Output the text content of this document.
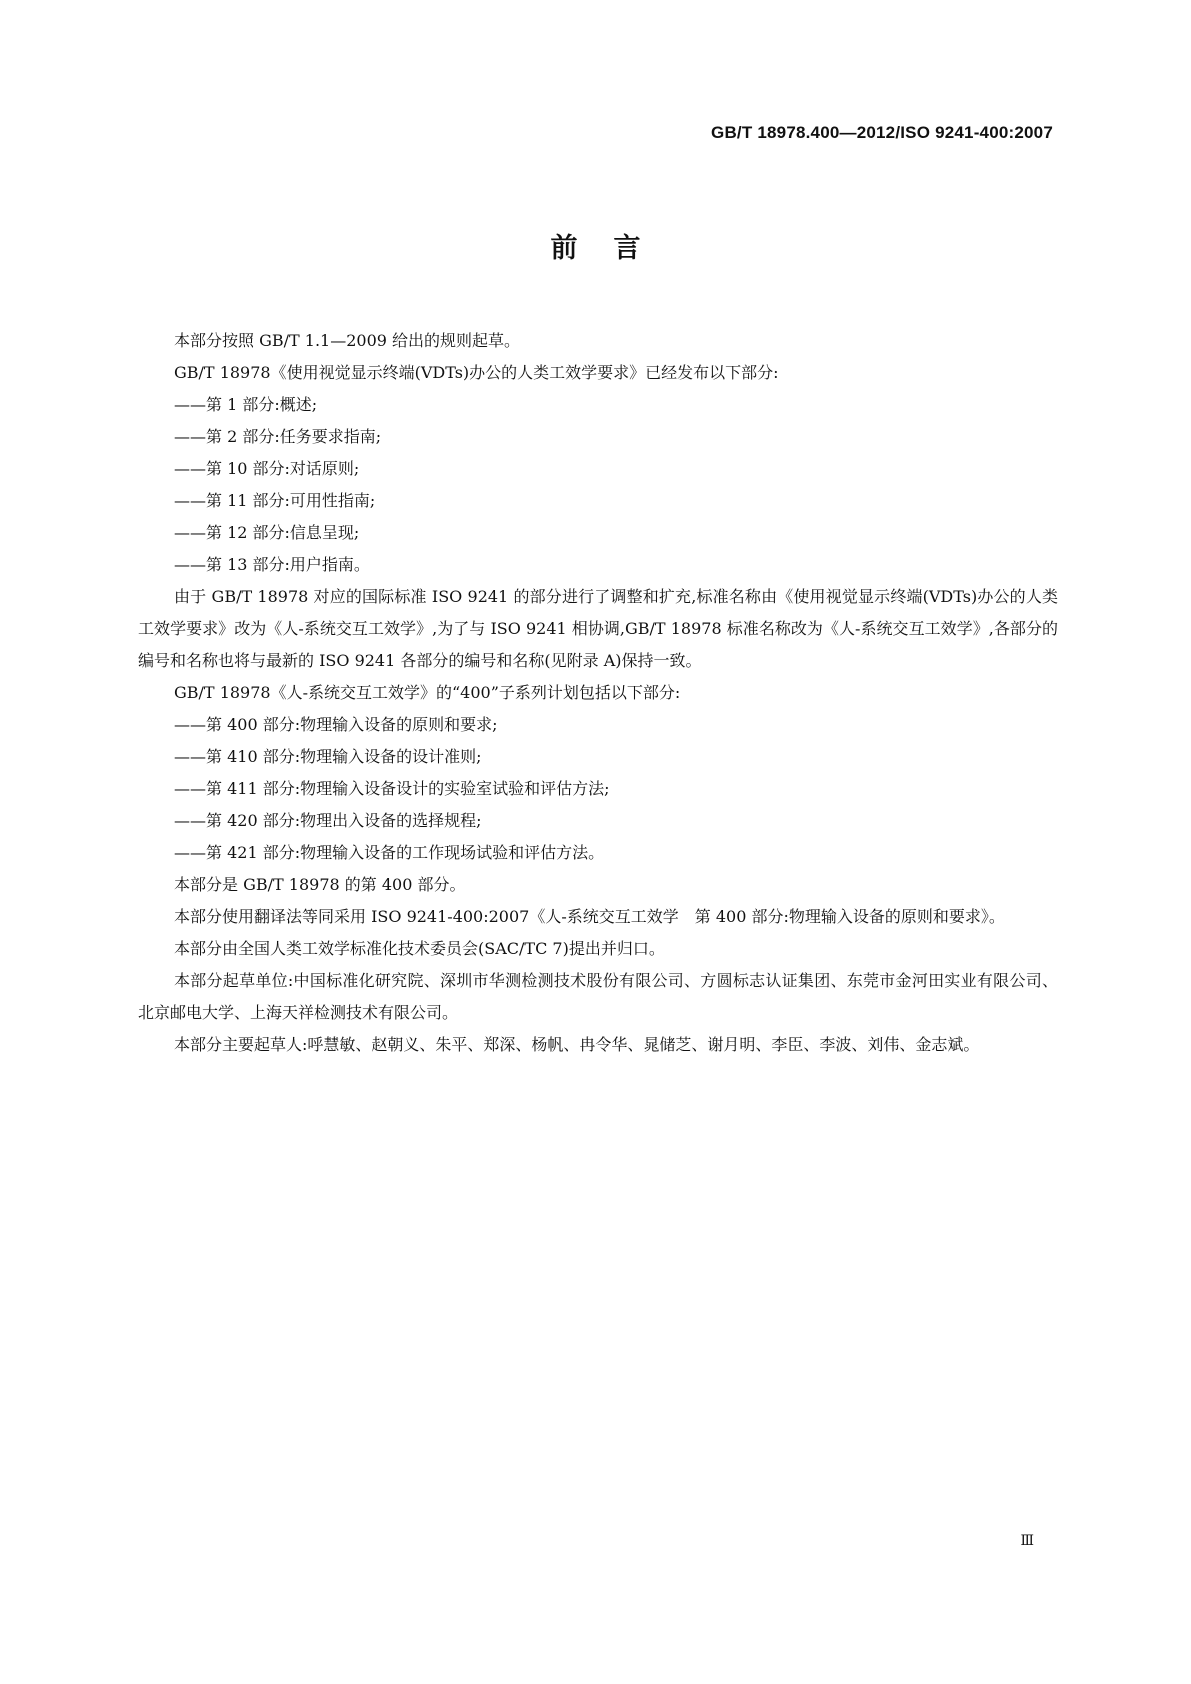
GB/T 18978.400—2012/ISO 9241-400:2007
前言

本部分按照 GB/T 1.1—2009 给出的规则起草。

GB/T 18978《使用视觉显示终端(VDTs)办公的人类工效学要求》已经发布以下部分:

——第 1 部分:概述;

——第 2 部分:任务要求指南;

——第 10 部分:对话原则;

——第 11 部分:可用性指南;

——第 12 部分:信息呈现;

——第 13 部分:用户指南。

由于 GB/T 18978 对应的国际标准 ISO 9241 的部分进行了调整和扩充,标准名称由《使用视觉显示终端(VDTs)办公的人类工效学要求》改为《人-系统交互工效学》,为了与 ISO 9241 相协调,GB/T 18978 标准名称改为《人-系统交互工效学》,各部分的编号和名称也将与最新的 ISO 9241 各部分的编号和名称(见附录 A)保持一致。

GB/T 18978《人-系统交互工效学》的“400”子系列计划包括以下部分:

——第 400 部分:物理输入设备的原则和要求;

——第 410 部分:物理输入设备的设计准则;

——第 411 部分:物理输入设备设计的实验室试验和评估方法;

——第 420 部分:物理出入设备的选择规程;

——第 421 部分:物理输入设备的工作现场试验和评估方法。

本部分是 GB/T 18978 的第 400 部分。

本部分使用翻译法等同采用 ISO 9241-400:2007《人-系统交互工效学　第 400 部分:物理输入设备的原则和要求》。

本部分由全国人类工效学标准化技术委员会(SAC/TC 7)提出并归口。

本部分起草单位:中国标准化研究院、深圳市华测检测技术股份有限公司、方圆标志认证集团、东莞市金河田实业有限公司、北京邮电大学、上海天祥检测技术有限公司。

本部分主要起草人:呼慧敏、赵朝义、朱平、郑深、杨帆、冉令华、晁储芝、谢月明、李臣、李波、刘伟、金志斌。

Ⅲ
